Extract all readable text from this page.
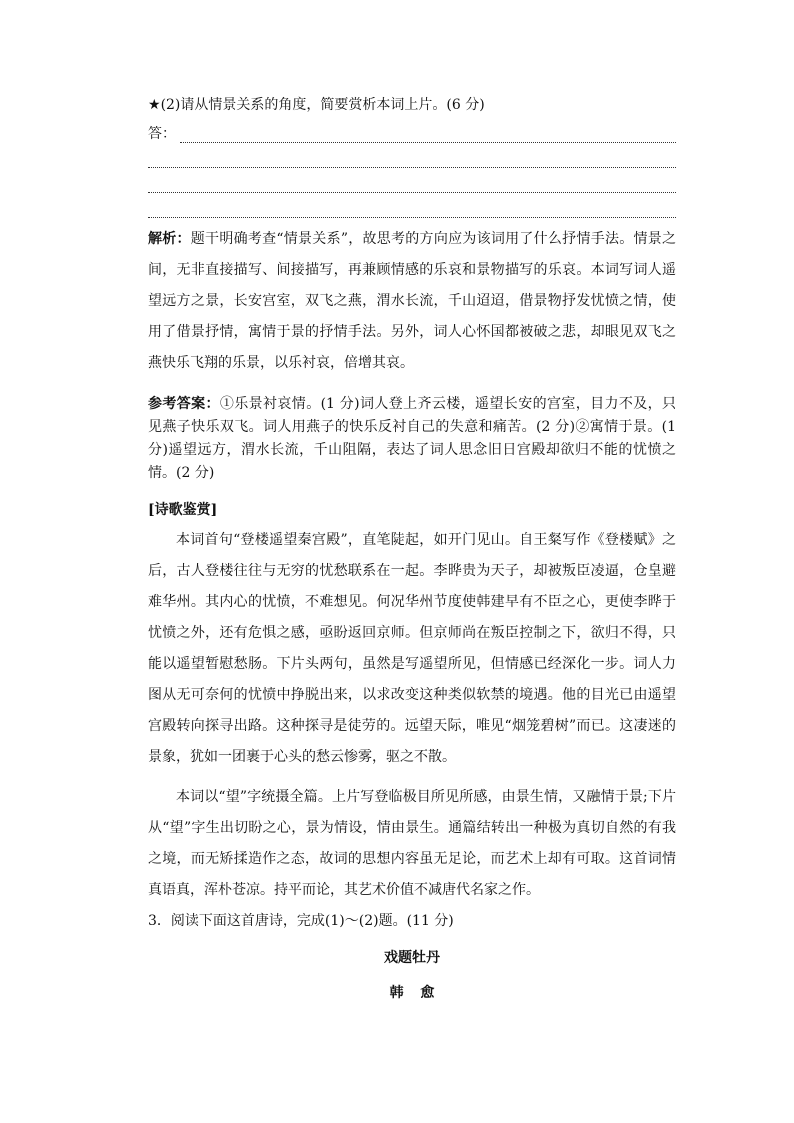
★(2)请从情景关系的角度，简要赏析本词上片。(6 分)

答：

解析：题干明确考查“情景关系”，故思考的方向应为该词用了什么抒情手法。情景之间，无非直接描写、间接描写，再兼顾情感的乐哀和景物描写的乐哀。本词写词人遥望远方之景，长安宫室，双飞之燕，渭水长流，千山迢迢，借景物抒发忧愤之情，使用了借景抒情，寓情于景的抒情手法。另外，词人心怀国都被破之悲，却眼见双飞之燕快乐飞翔的乐景，以乐衬哀，倍增其哀。

参考答案：①乐景衬哀情。(1 分)词人登上齐云楼，遥望长安的宫室，目力不及，只见燕子快乐双飞。词人用燕子的快乐反衬自己的失意和痛苦。(2 分)②寓情于景。(1 分)遥望远方，渭水长流，千山阻隔，表达了词人思念旧日宫殿却欲归不能的忧愤之情。(2 分)

[诗歌鉴赏]

本词首句“登楼遥望秦宫殿”，直笔陡起，如开门见山。自王粲写作《登楼赋》之后，古人登楼往往与无穷的忧愁联系在一起。李晔贵为天子，却被叛臣凌逼，仓皇避难华州。其内心的忧愤，不难想见。何况华州节度使韩建早有不臣之心，更使李晔于忧愤之外，还有危惧之感，亟盼返回京师。但京师尚在叛臣控制之下，欲归不得，只能以遥望暂慰愁肠。下片头两句，虽然是写遥望所见，但情感已经深化一步。词人力图从无可奈何的忧愤中挣脱出来，以求改变这种类似软禁的境遇。他的目光已由遥望宫殿转向探寻出路。这种探寻是徒劳的。远望天际，唯见“烟笼碧树”而已。这凄迷的景象，犹如一团裹于心头的愁云惨雾，驱之不散。

本词以“望”字统摄全篇。上片写登临极目所见所感，由景生情，又融情于景;下片从“望”字生出切盼之心，景为情设，情由景生。通篇结转出一种极为真切自然的有我之境，而无矫揉造作之态，故词的思想内容虽无足论，而艺术上却有可取。这首词情真语真，浑朴苍凉。持平而论，其艺术价值不减唐代名家之作。

3．阅读下面这首唐诗，完成(1)～(2)题。(11 分)

戏题牡丹
韩愈
